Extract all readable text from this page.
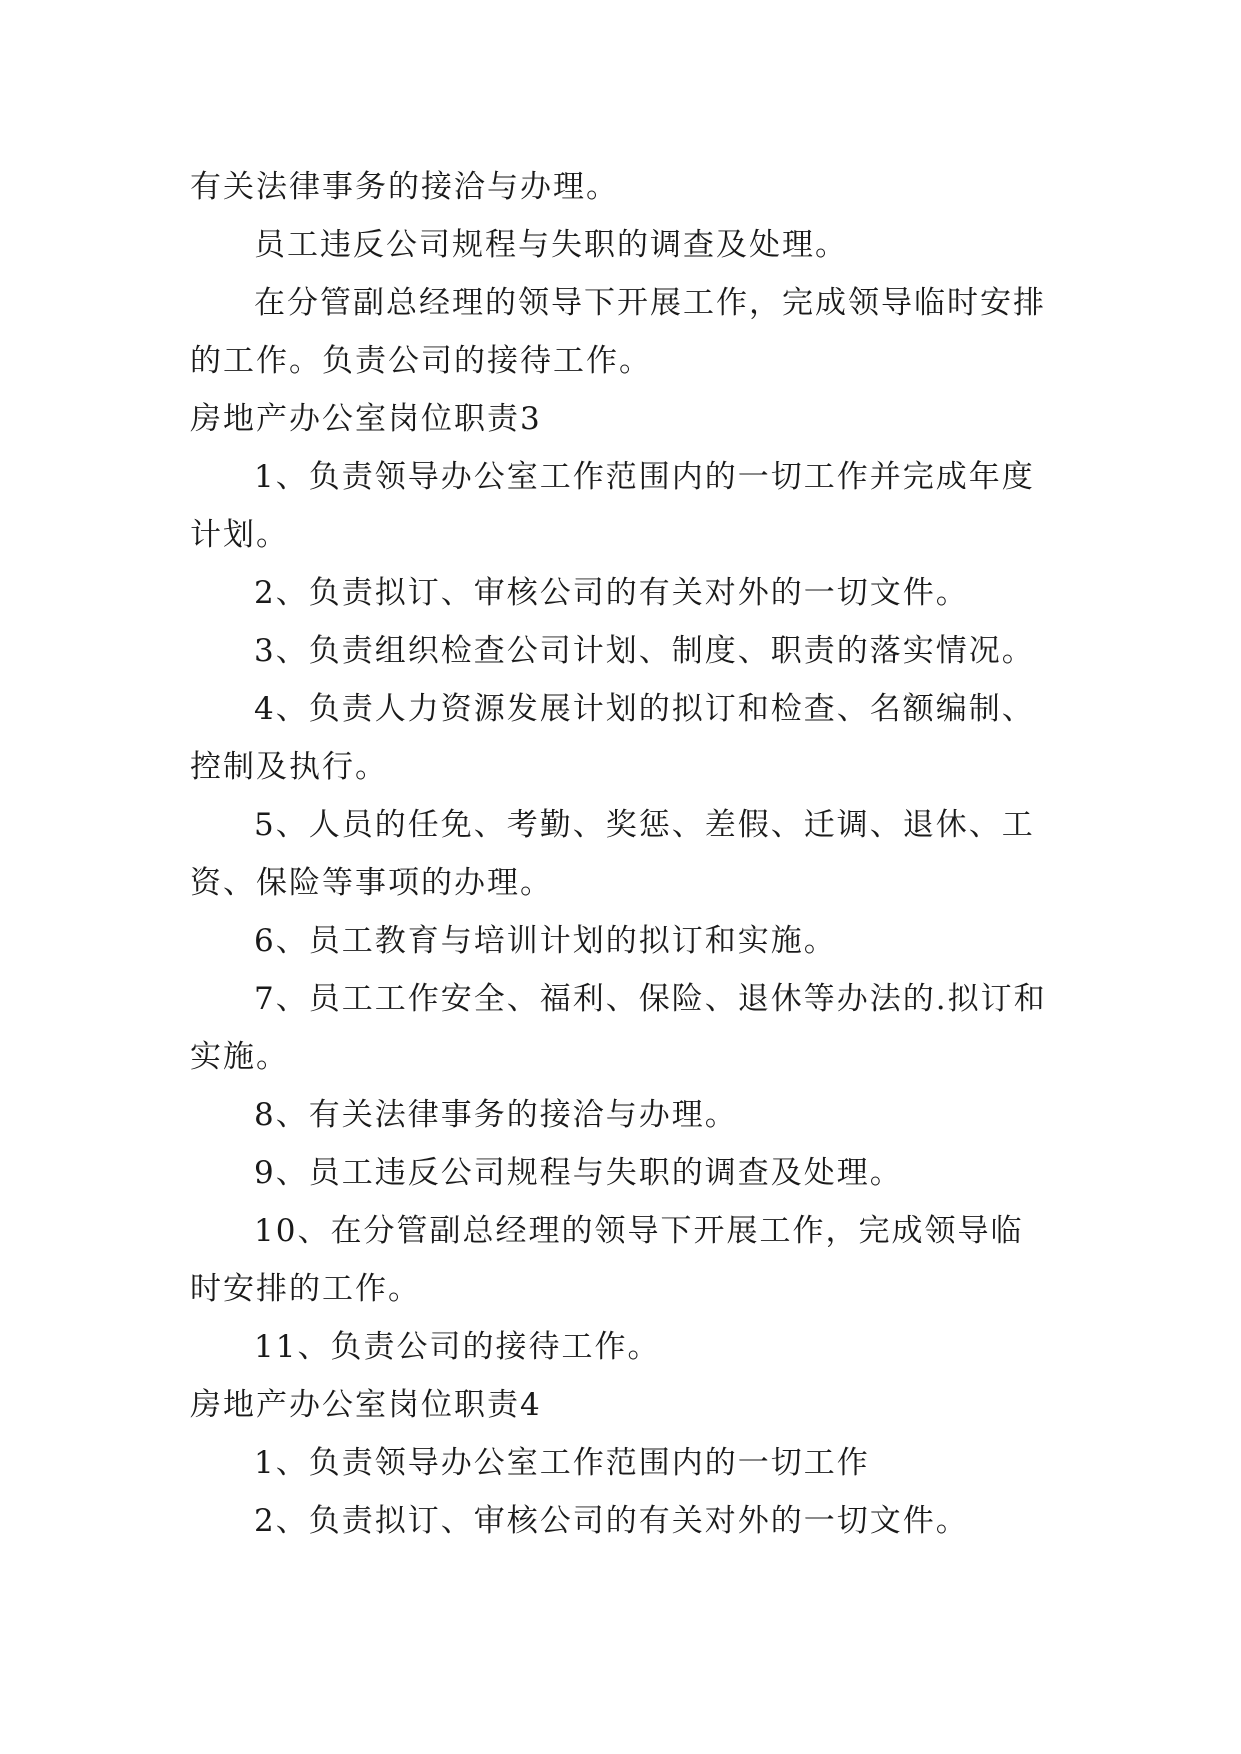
有关法律事务的接洽与办理。

员工违反公司规程与失职的调查及处理。

在分管副总经理的领导下开展工作，完成领导临时安排的工作。负责公司的接待工作。

房地产办公室岗位职责3

1、负责领导办公室工作范围内的一切工作并完成年度计划。

2、负责拟订、审核公司的有关对外的一切文件。

3、负责组织检查公司计划、制度、职责的落实情况。

4、负责人力资源发展计划的拟订和检查、名额编制、控制及执行。

5、人员的任免、考勤、奖惩、差假、迁调、退休、工资、保险等事项的办理。

6、员工教育与培训计划的拟订和实施。

7、员工工作安全、福利、保险、退休等办法的.拟订和实施。

8、有关法律事务的接洽与办理。

9、员工违反公司规程与失职的调查及处理。

10、在分管副总经理的领导下开展工作，完成领导临时安排的工作。

11、负责公司的接待工作。

房地产办公室岗位职责4

1、负责领导办公室工作范围内的一切工作

2、负责拟订、审核公司的有关对外的一切文件。
